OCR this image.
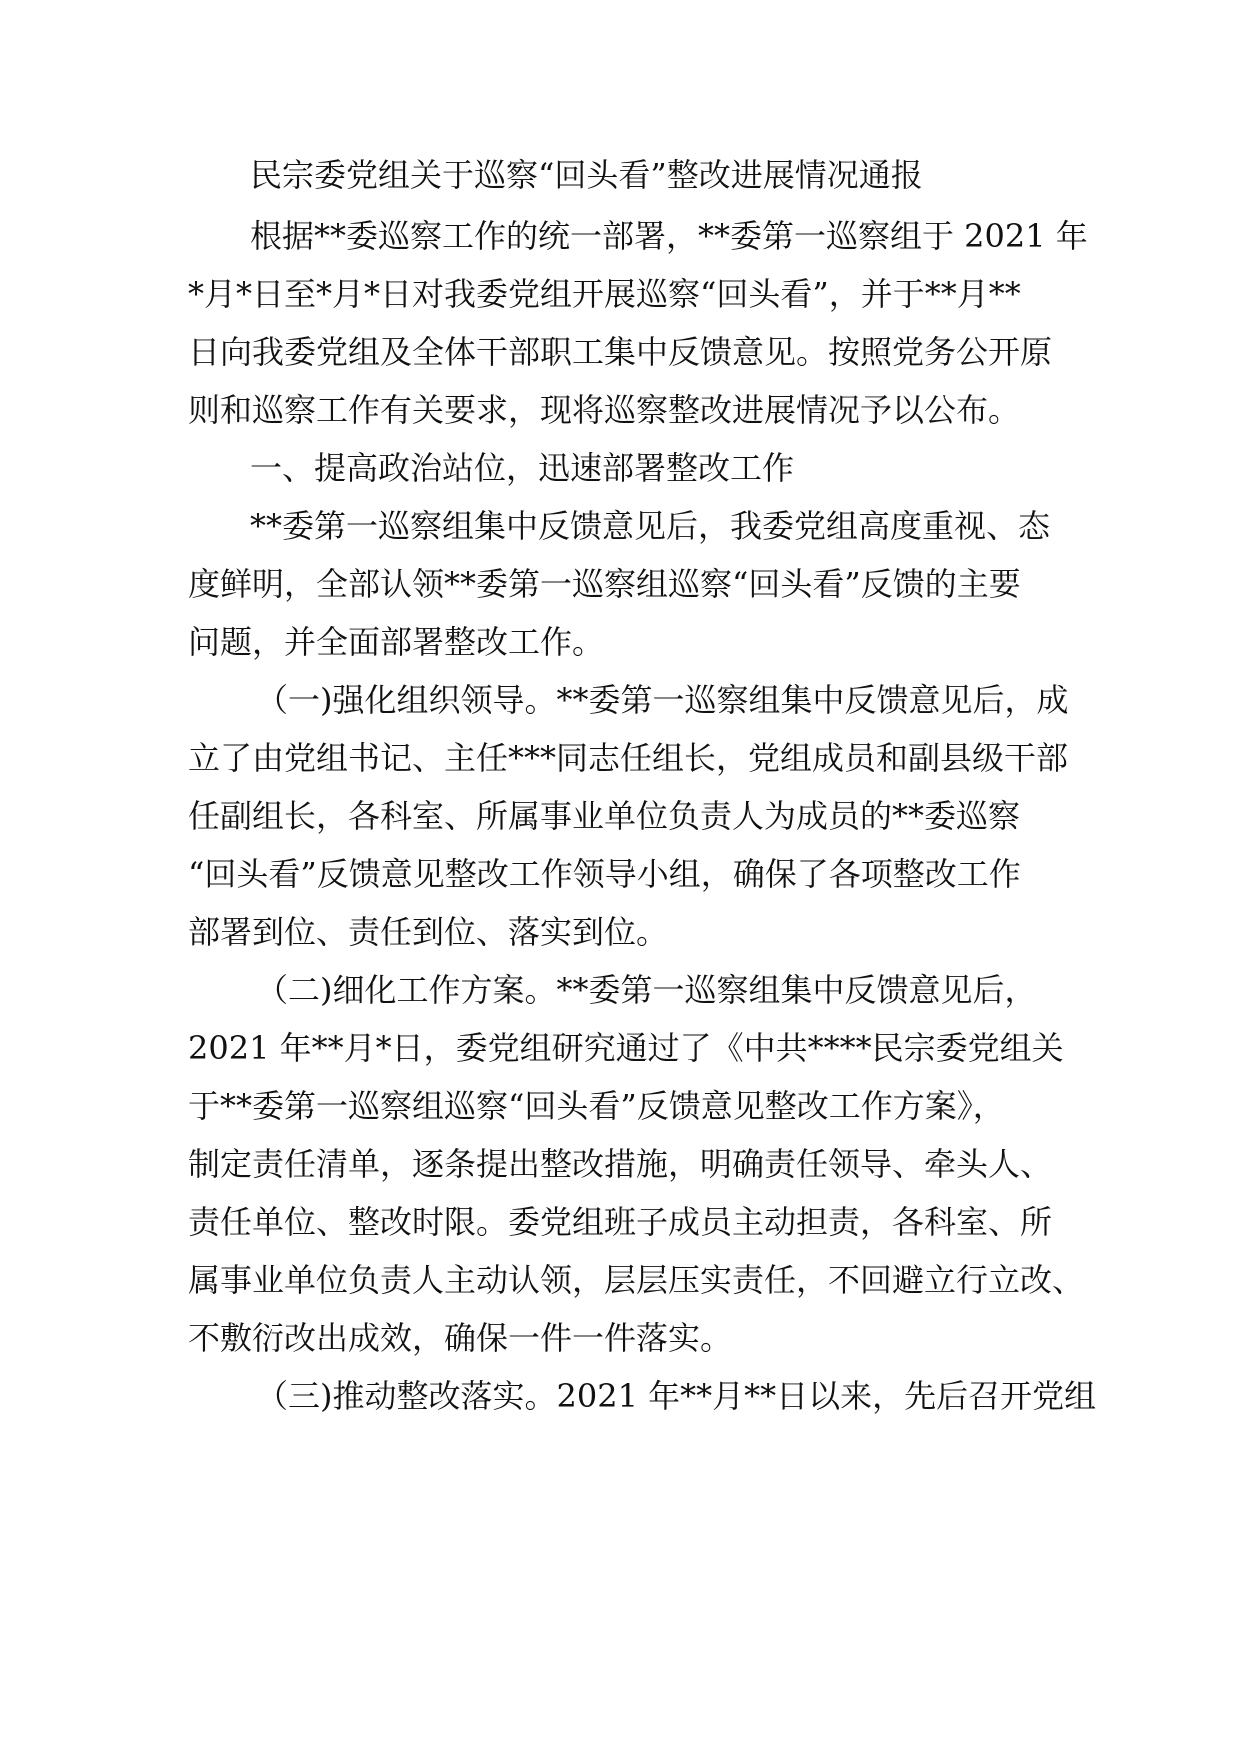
民宗委党组关于巡察“回头看”整改进展情况通报
根据**委巡察工作的统一部署，**委第一巡察组于 2021 年
*月*日至*月*日对我委党组开展巡察“回头看”，并于**月**
日向我委党组及全体干部职工集中反馈意见。按照党务公开原
则和巡察工作有关要求，现将巡察整改进展情况予以公布。
一、提高政治站位，迅速部署整改工作
**委第一巡察组集中反馈意见后，我委党组高度重视、态
度鲜明，全部认领**委第一巡察组巡察“回头看”反馈的主要
问题，并全面部署整改工作。
（一)强化组织领导。**委第一巡察组集中反馈意见后，成
立了由党组书记、主任***同志任组长，党组成员和副县级干部
任副组长，各科室、所属事业单位负责人为成员的**委巡察
“回头看”反馈意见整改工作领导小组，确保了各项整改工作
部署到位、责任到位、落实到位。
（二)细化工作方案。**委第一巡察组集中反馈意见后，
2021 年**月*日，委党组研究通过了《中共****民宗委党组关
于**委第一巡察组巡察“回头看”反馈意见整改工作方案》，
制定责任清单，逐条提出整改措施，明确责任领导、牵头人、
责任单位、整改时限。委党组班子成员主动担责，各科室、所
属事业单位负责人主动认领，层层压实责任，不回避立行立改、
不敷衍改出成效，确保一件一件落实。
（三)推动整改落实。2021 年**月**日以来，先后召开党组
